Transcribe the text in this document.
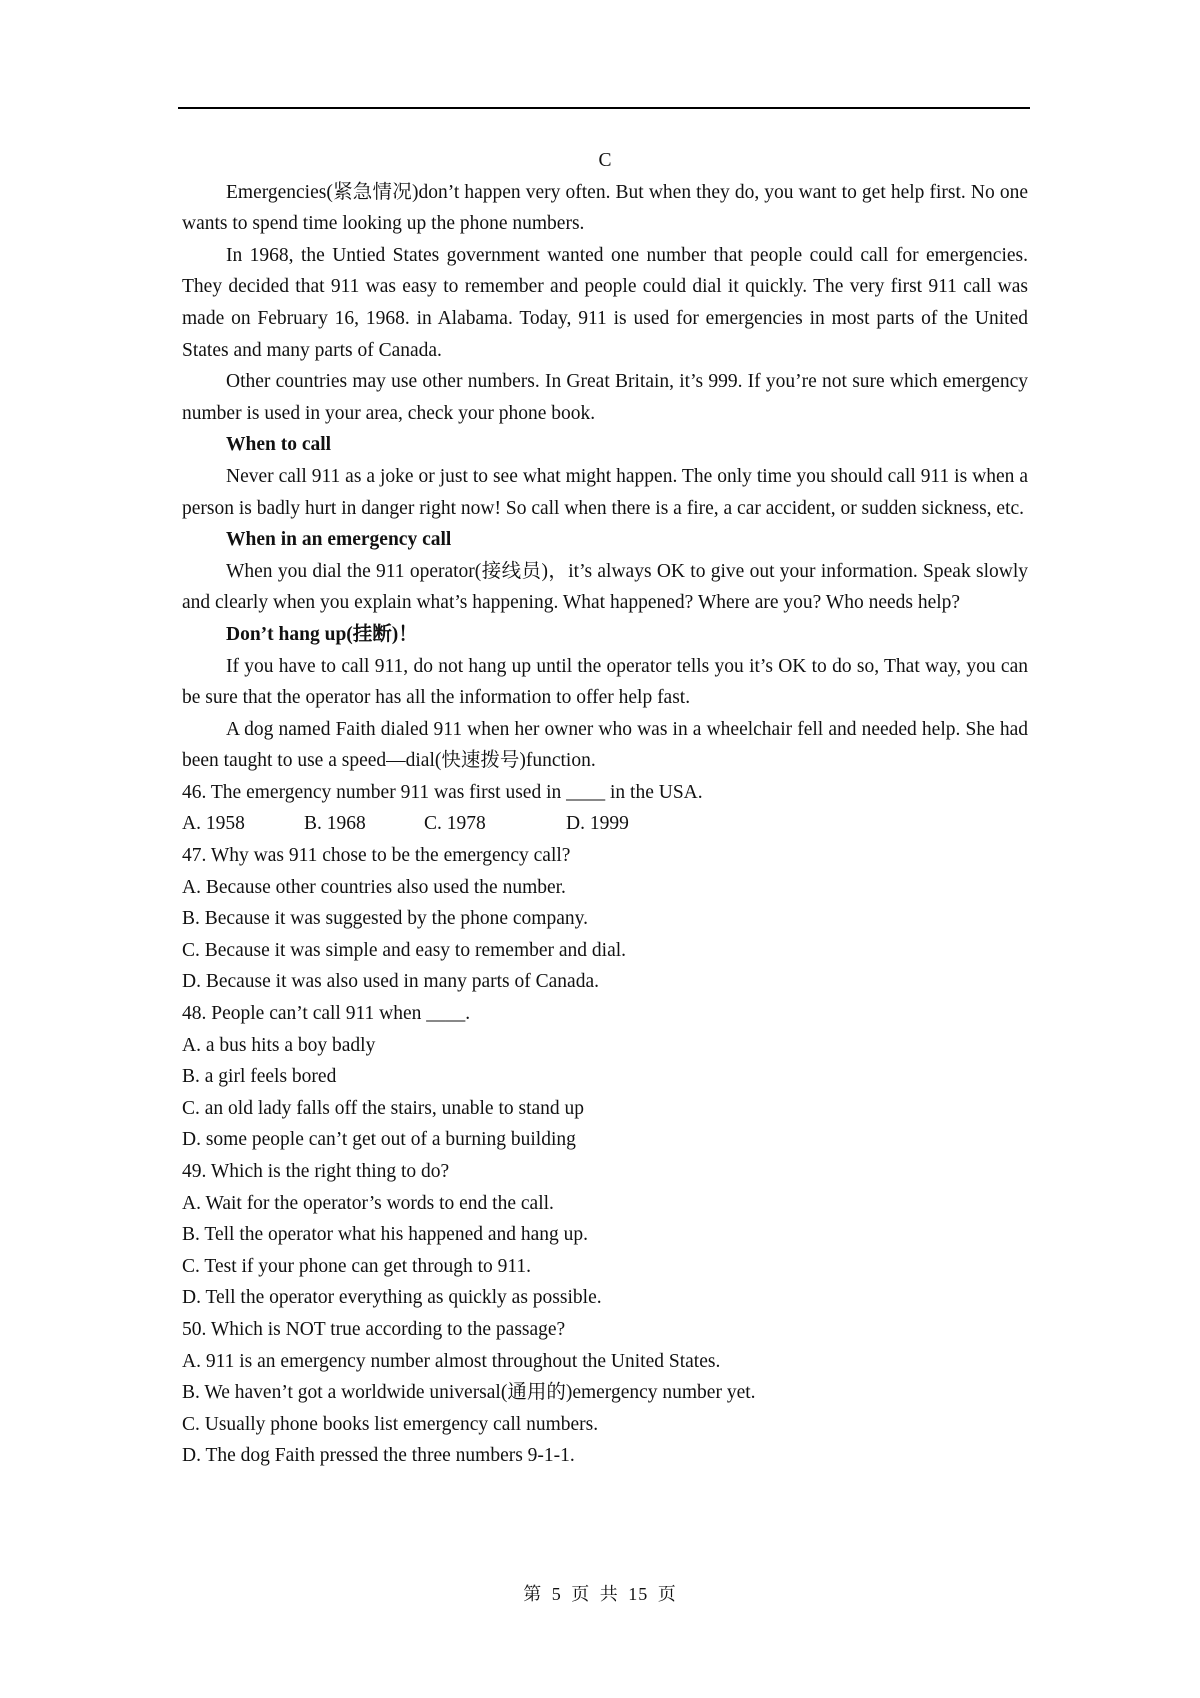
C

Emergencies(紧急情况)don’t happen very often. But when they do, you want to get help first. No one wants to spend time looking up the phone numbers.

In 1968, the Untied States government wanted one number that people could call for emergencies. They decided that 911 was easy to remember and people could dial it quickly. The very first 911 call was made on February 16, 1968. in Alabama. Today, 911 is used for emergencies in most parts of the United States and many parts of Canada.

Other countries may use other numbers. In Great Britain, it’s 999. If you’re not sure which emergency number is used in your area, check your phone book.

When to call

Never call 911 as a joke or just to see what might happen. The only time you should call 911 is when a person is badly hurt in danger right now! So call when there is a fire, a car accident, or sudden sickness, etc.

When in an emergency call

When you dial the 911 operator(接线员)，it’s always OK to give out your information. Speak slowly and clearly when you explain what’s happening. What happened? Where are you? Who needs help?

Don’t hang up(挂断)！

If you have to call 911, do not hang up until the operator tells you it’s OK to do so, That way, you can be sure that the operator has all the information to offer help fast.

A dog named Faith dialed 911 when her owner who was in a wheelchair fell and needed help. She had been taught to use a speed—dial(快速拨号)function.

46. The emergency number 911 was first used in ____ in the USA.

A. 1958	B. 1968	C. 1978	D. 1999

47. Why was 911 chose to be the emergency call?

A. Because other countries also used the number.

B. Because it was suggested by the phone company.

C. Because it was simple and easy to remember and dial.

D. Because it was also used in many parts of Canada.

48. People can’t call 911 when ____.

A. a bus hits a boy badly

B. a girl feels bored

C. an old lady falls off the stairs, unable to stand up

D. some people can’t get out of a burning building

49. Which is the right thing to do?

A. Wait for the operator’s words to end the call.

B. Tell the operator what his happened and hang up.

C. Test if your phone can get through to 911.

D. Tell the operator everything as quickly as possible.

50. Which is NOT true according to the passage?

A. 911 is an emergency number almost throughout the United States.

B. We haven’t got a worldwide universal(通用的)emergency number yet.

C. Usually phone books list emergency call numbers.

D. The dog Faith pressed the three numbers 9-1-1.

第 5 页 共 15 页
